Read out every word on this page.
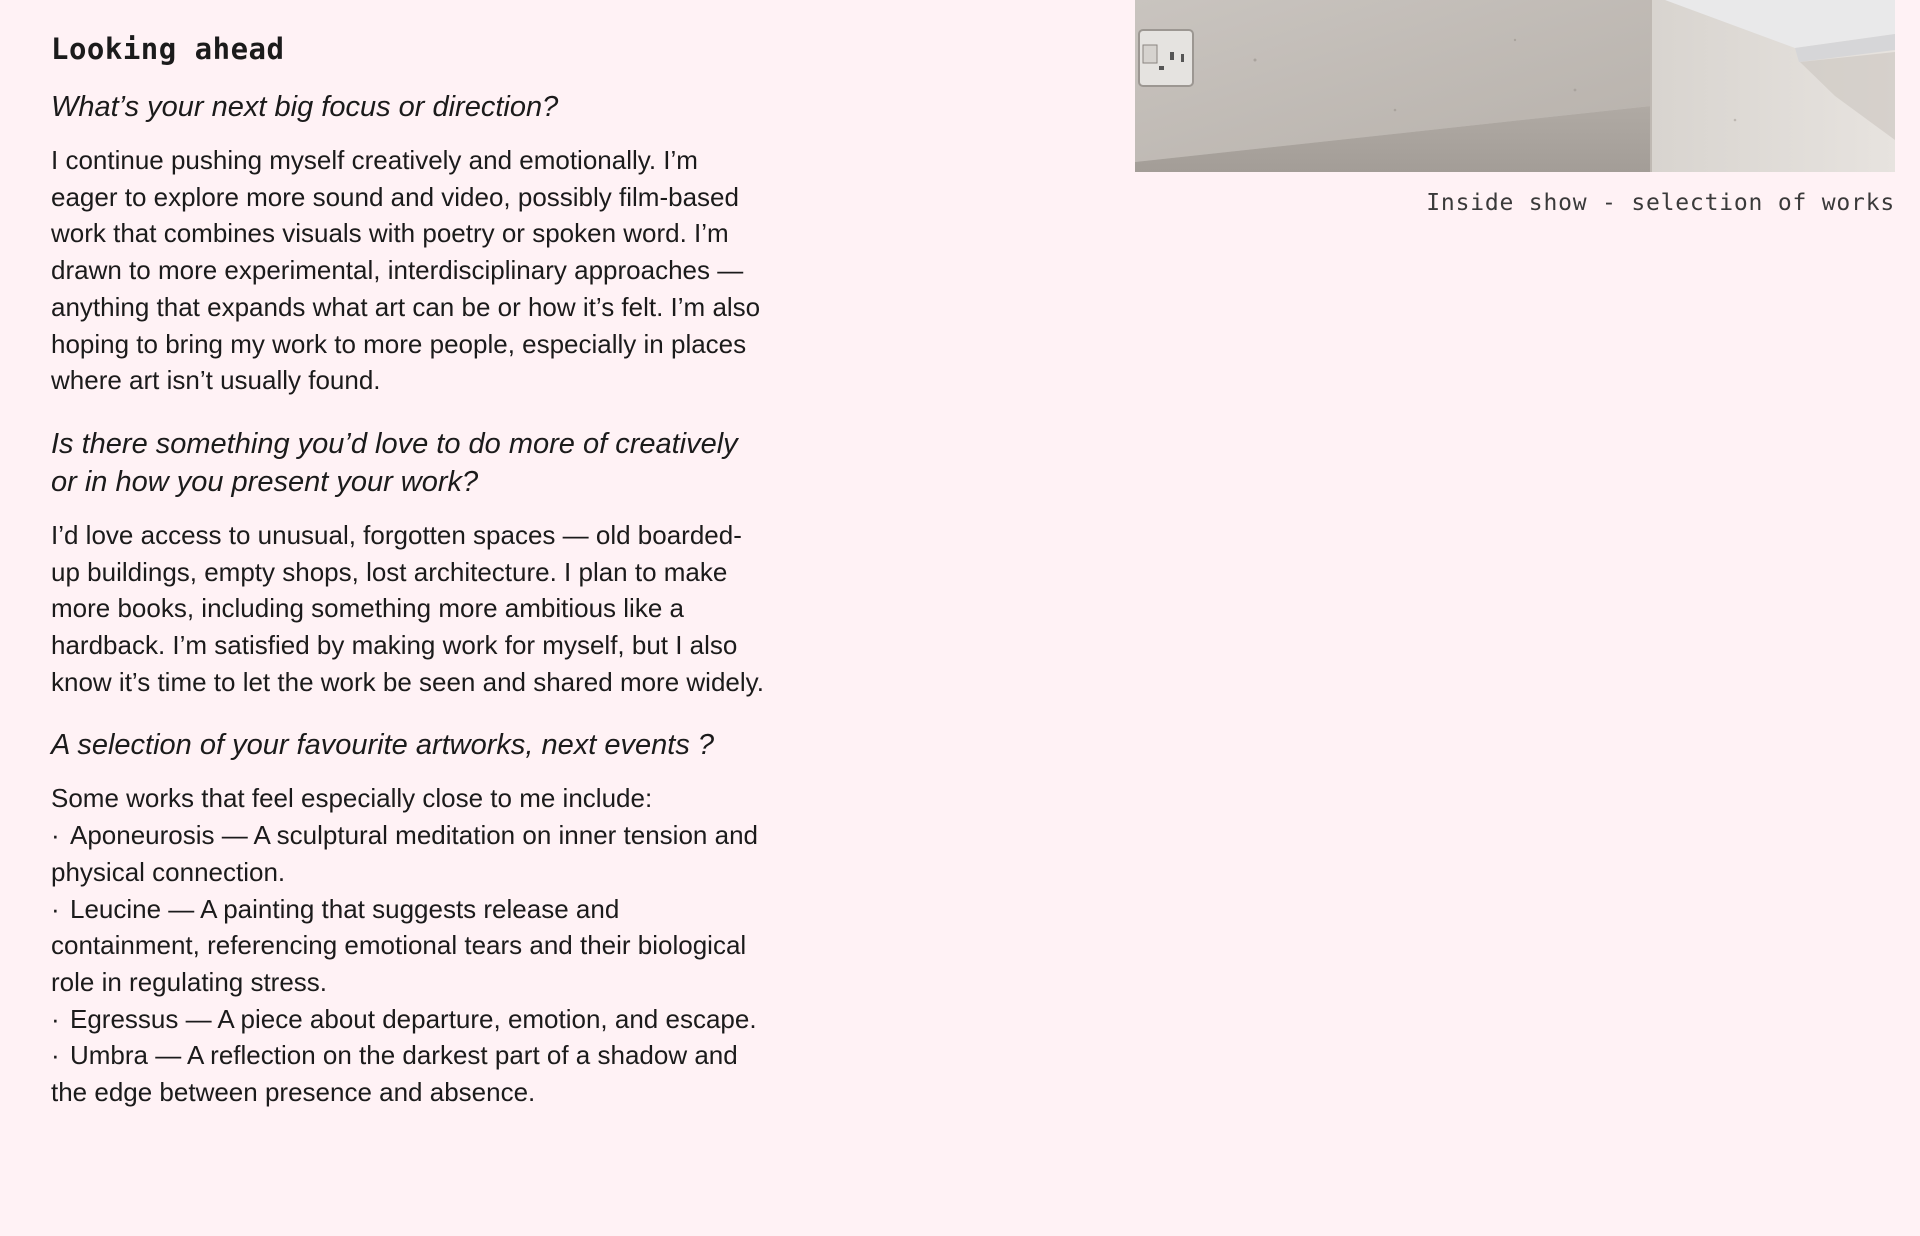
Looking ahead

What’s your next big focus or direction?

I continue pushing myself creatively and emotionally. I’m eager to explore more sound and video, possibly film-based work that combines visuals with poetry or spoken word. I’m drawn to more experimental, interdisciplinary approaches — anything that expands what art can be or how it’s felt. I’m also hoping to bring my work to more people, especially in places where art isn’t usually found.

Is there something you’d love to do more of creatively or in how you present your work?

I’d love access to unusual, forgotten spaces — old boarded-up buildings, empty shops, lost architecture. I plan to make more books, including something more ambitious like a hardback. I’m satisfied by making work for myself, but I also know it’s time to let the work be seen and shared more widely.

A selection of your favourite artworks, next events ?

Some works that feel especially close to me include:

· Aponeurosis — A sculptural meditation on inner tension and physical connection.
· Leucine — A painting that suggests release and containment, referencing emotional tears and their biological role in regulating stress.
· Egressus — A piece about departure, emotion, and escape.
· Umbra — A reflection on the darkest part of a shadow and the edge between presence and absence.
Inside show - selection of works
